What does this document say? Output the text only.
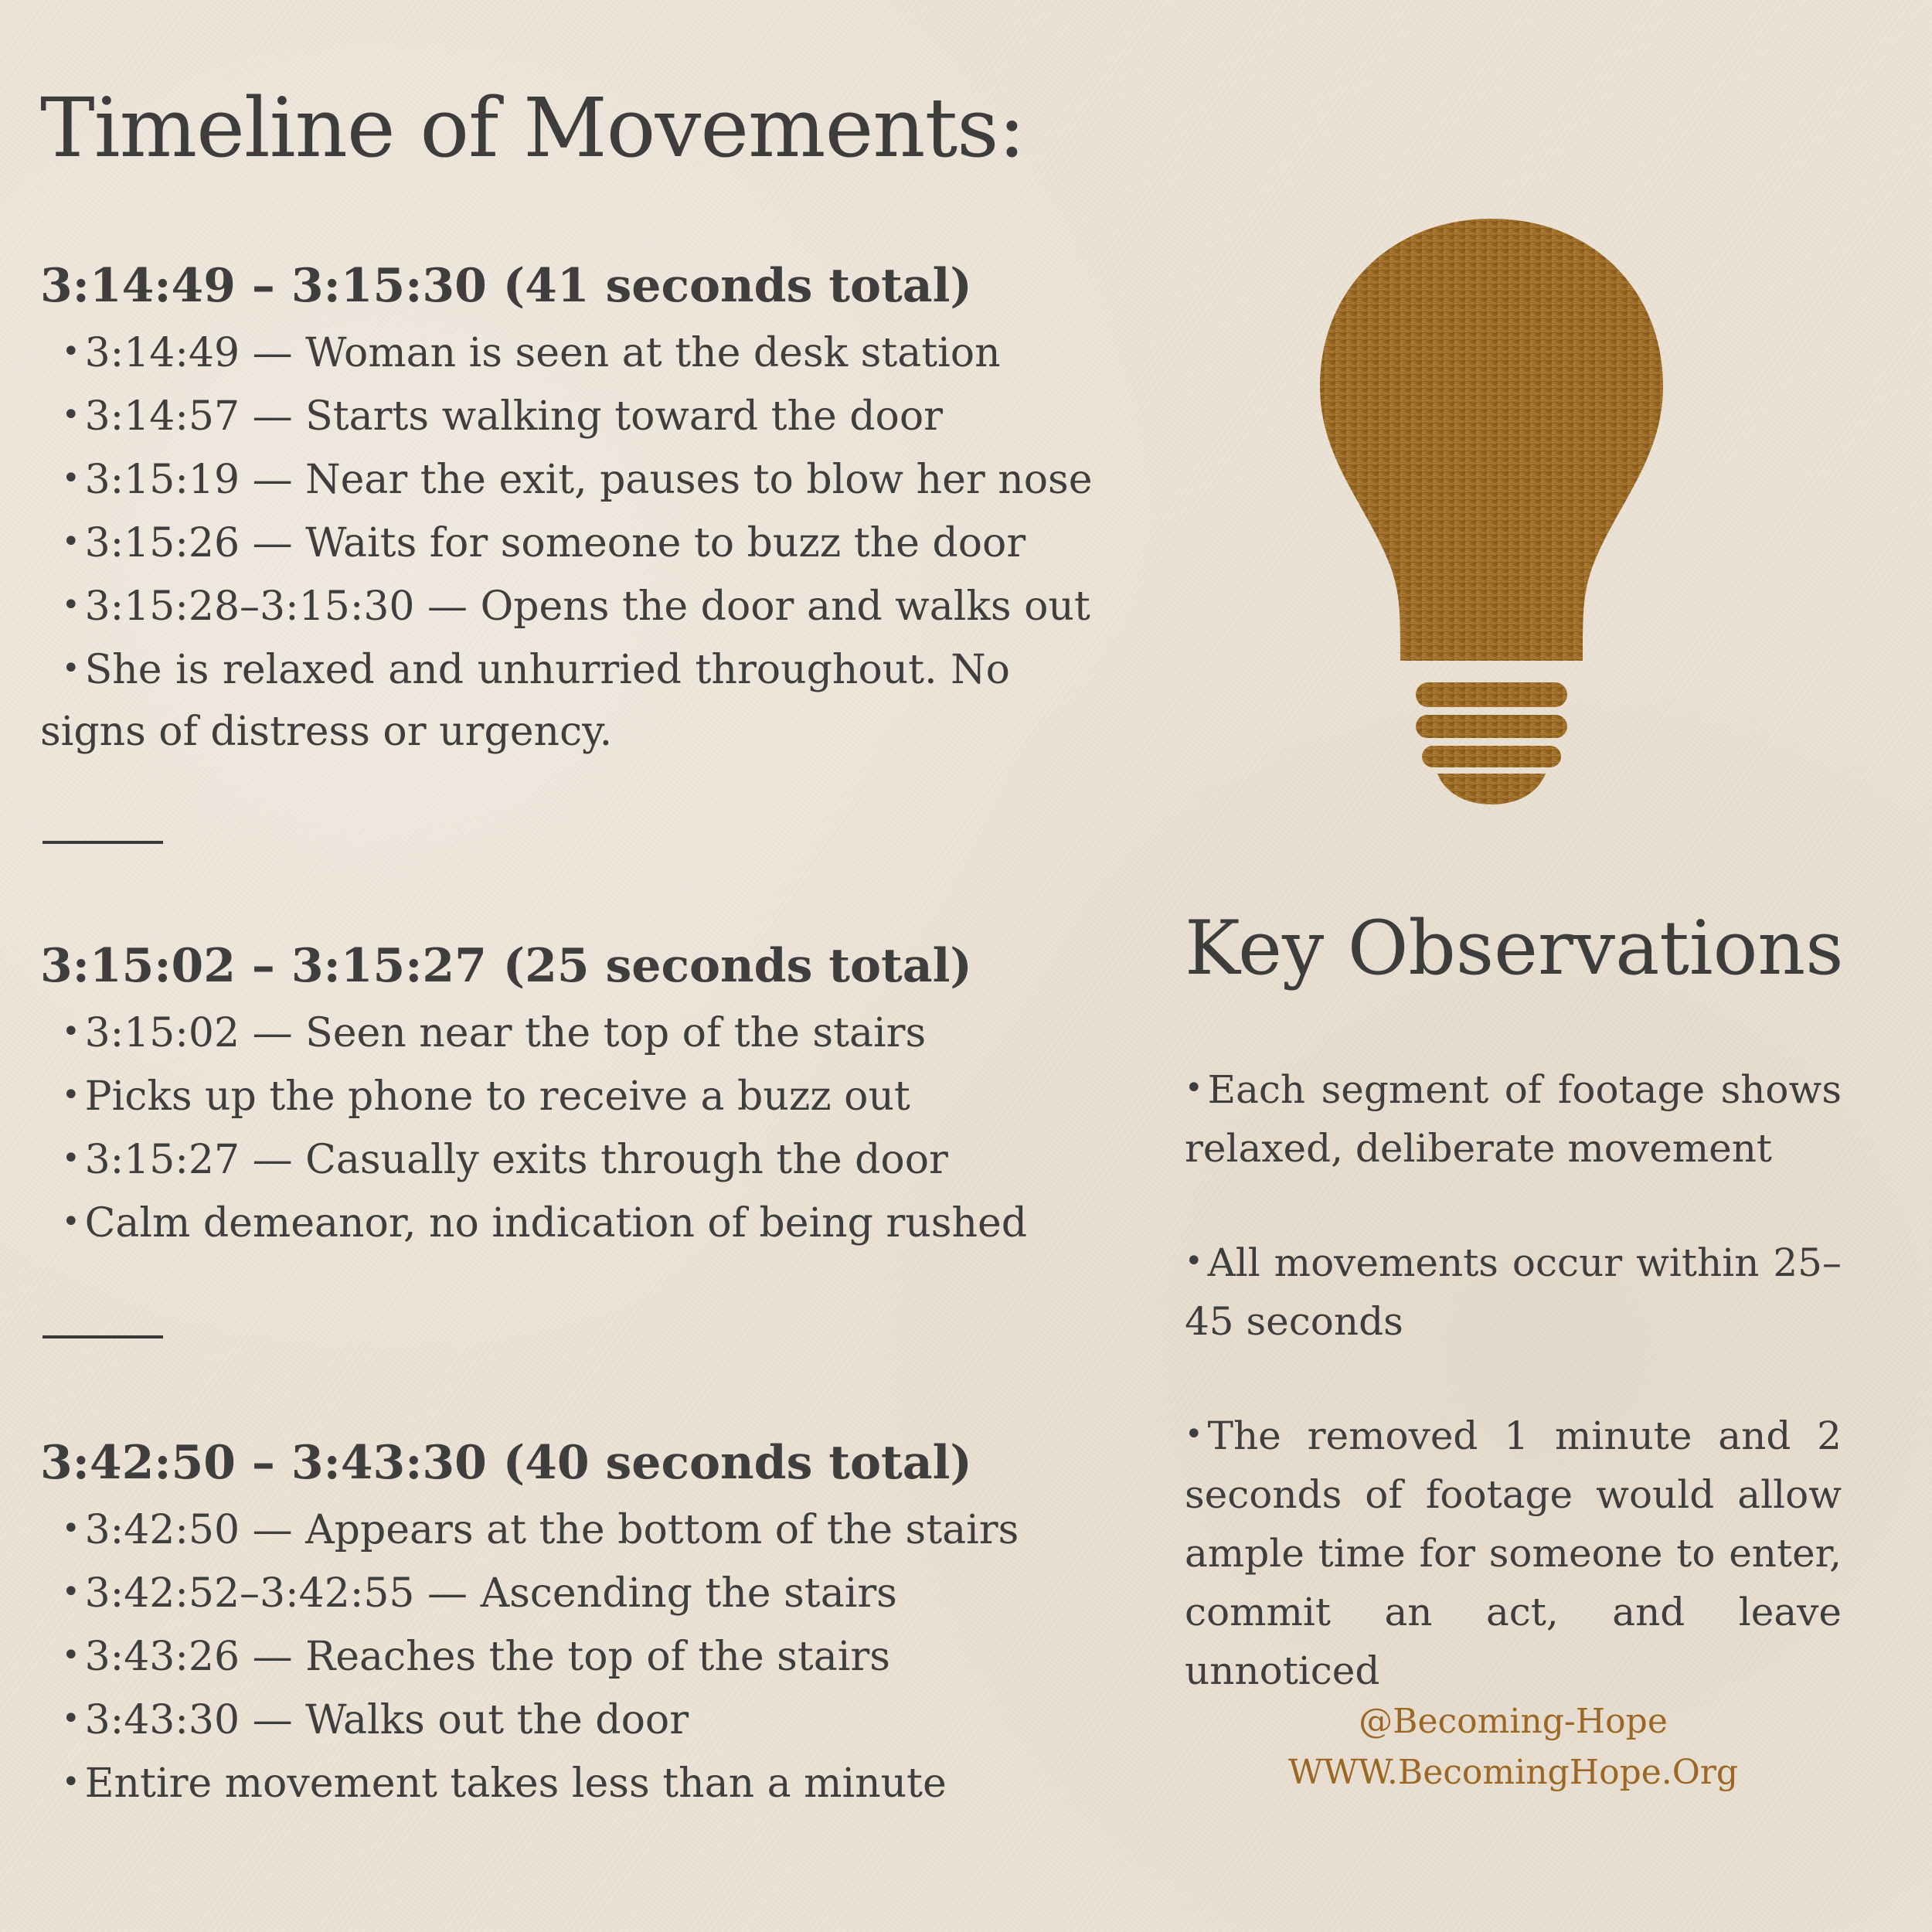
Timeline of Movements:
3:14:49 – 3:15:30 (41 seconds total)
• 3:14:49 — Woman is seen at the desk station
• 3:14:57 — Starts walking toward the door
• 3:15:19 — Near the exit, pauses to blow her nose
• 3:15:26 — Waits for someone to buzz the door
• 3:15:28–3:15:30 — Opens the door and walks out

• She is relaxed and unhurried throughout. No signs of distress or urgency.

3:15:02 – 3:15:27 (25 seconds total)
• 3:15:02 — Seen near the top of the stairs
• Picks up the phone to receive a buzz out
• 3:15:27 — Casually exits through the door
• Calm demeanor, no indication of being rushed
3:42:50 – 3:43:30 (40 seconds total)
• 3:42:50 — Appears at the bottom of the stairs
• 3:42:52–3:42:55 — Ascending the stairs
• 3:43:26 — Reaches the top of the stairs
• 3:43:30 — Walks out the door
• Entire movement takes less than a minute
Key Observations
• Each segment of footage shows relaxed, deliberate movement
• All movements occur within 25–45 seconds
• The removed 1 minute and 2 seconds of footage would allow ample time for someone to enter, commit an act, and leave unnoticed
@Becoming-Hope
WWW.BecomingHope.Org
